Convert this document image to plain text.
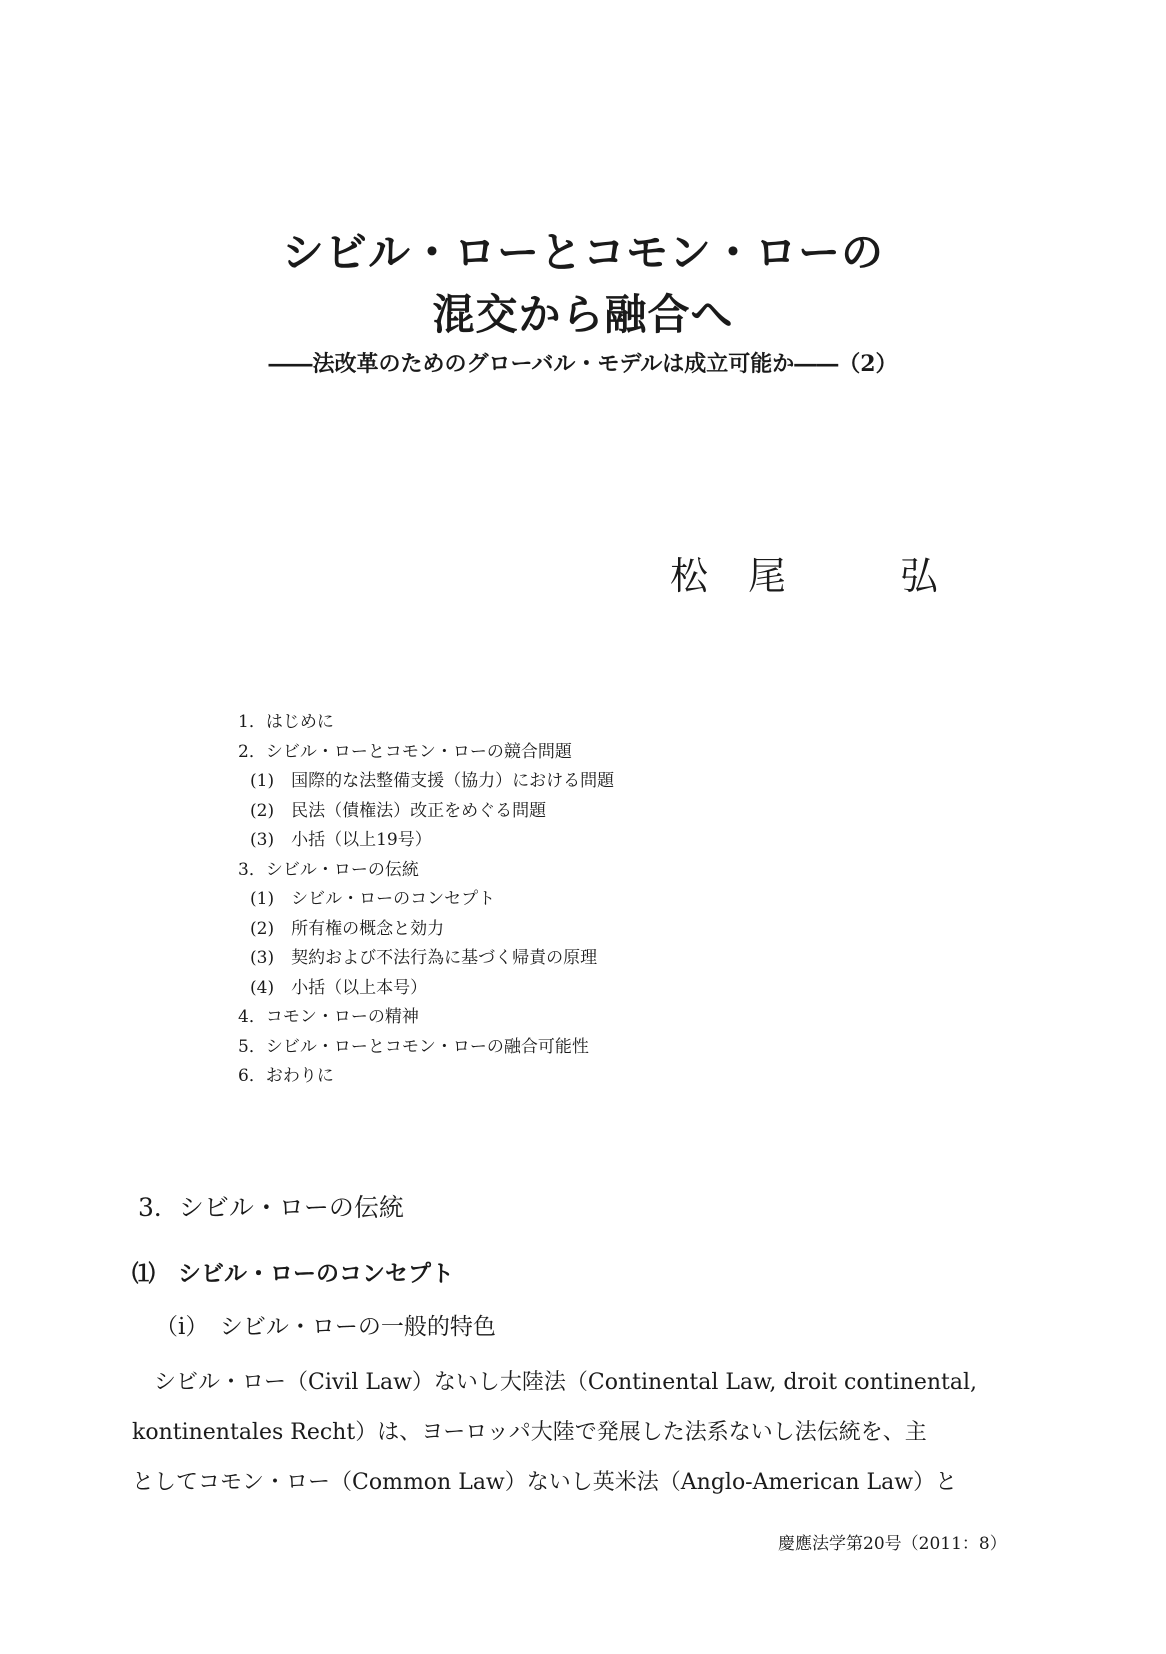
シビル・ローとコモン・ローの
混交から融合へ
――法改革のためのグローバル・モデルは成立可能か――（2）
松 尾	弘
1．はじめに
2．シビル・ローとコモン・ローの競合問題
(1)　国際的な法整備支援（協力）における問題
(2)　民法（債権法）改正をめぐる問題
(3)　小括（以上19号）
3．シビル・ローの伝統
(1)　シビル・ローのコンセプト
(2)　所有権の概念と効力
(3)　契約および不法行為に基づく帰責の原理
(4)　小括（以上本号）
4．コモン・ローの精神
5．シビル・ローとコモン・ローの融合可能性
6．おわりに
3．シビル・ローの伝統
⑴　シビル・ローのコンセプト
（i）　シビル・ローの一般的特色
シビル・ロー（Civil Law）ないし大陸法（Continental Law, droit continental,
kontinentales Recht）は、ヨーロッパ大陸で発展した法系ないし法伝統を、主
としてコモン・ロー（Common Law）ないし英米法（Anglo-American Law）と
慶應法学第20号（2011：8）
